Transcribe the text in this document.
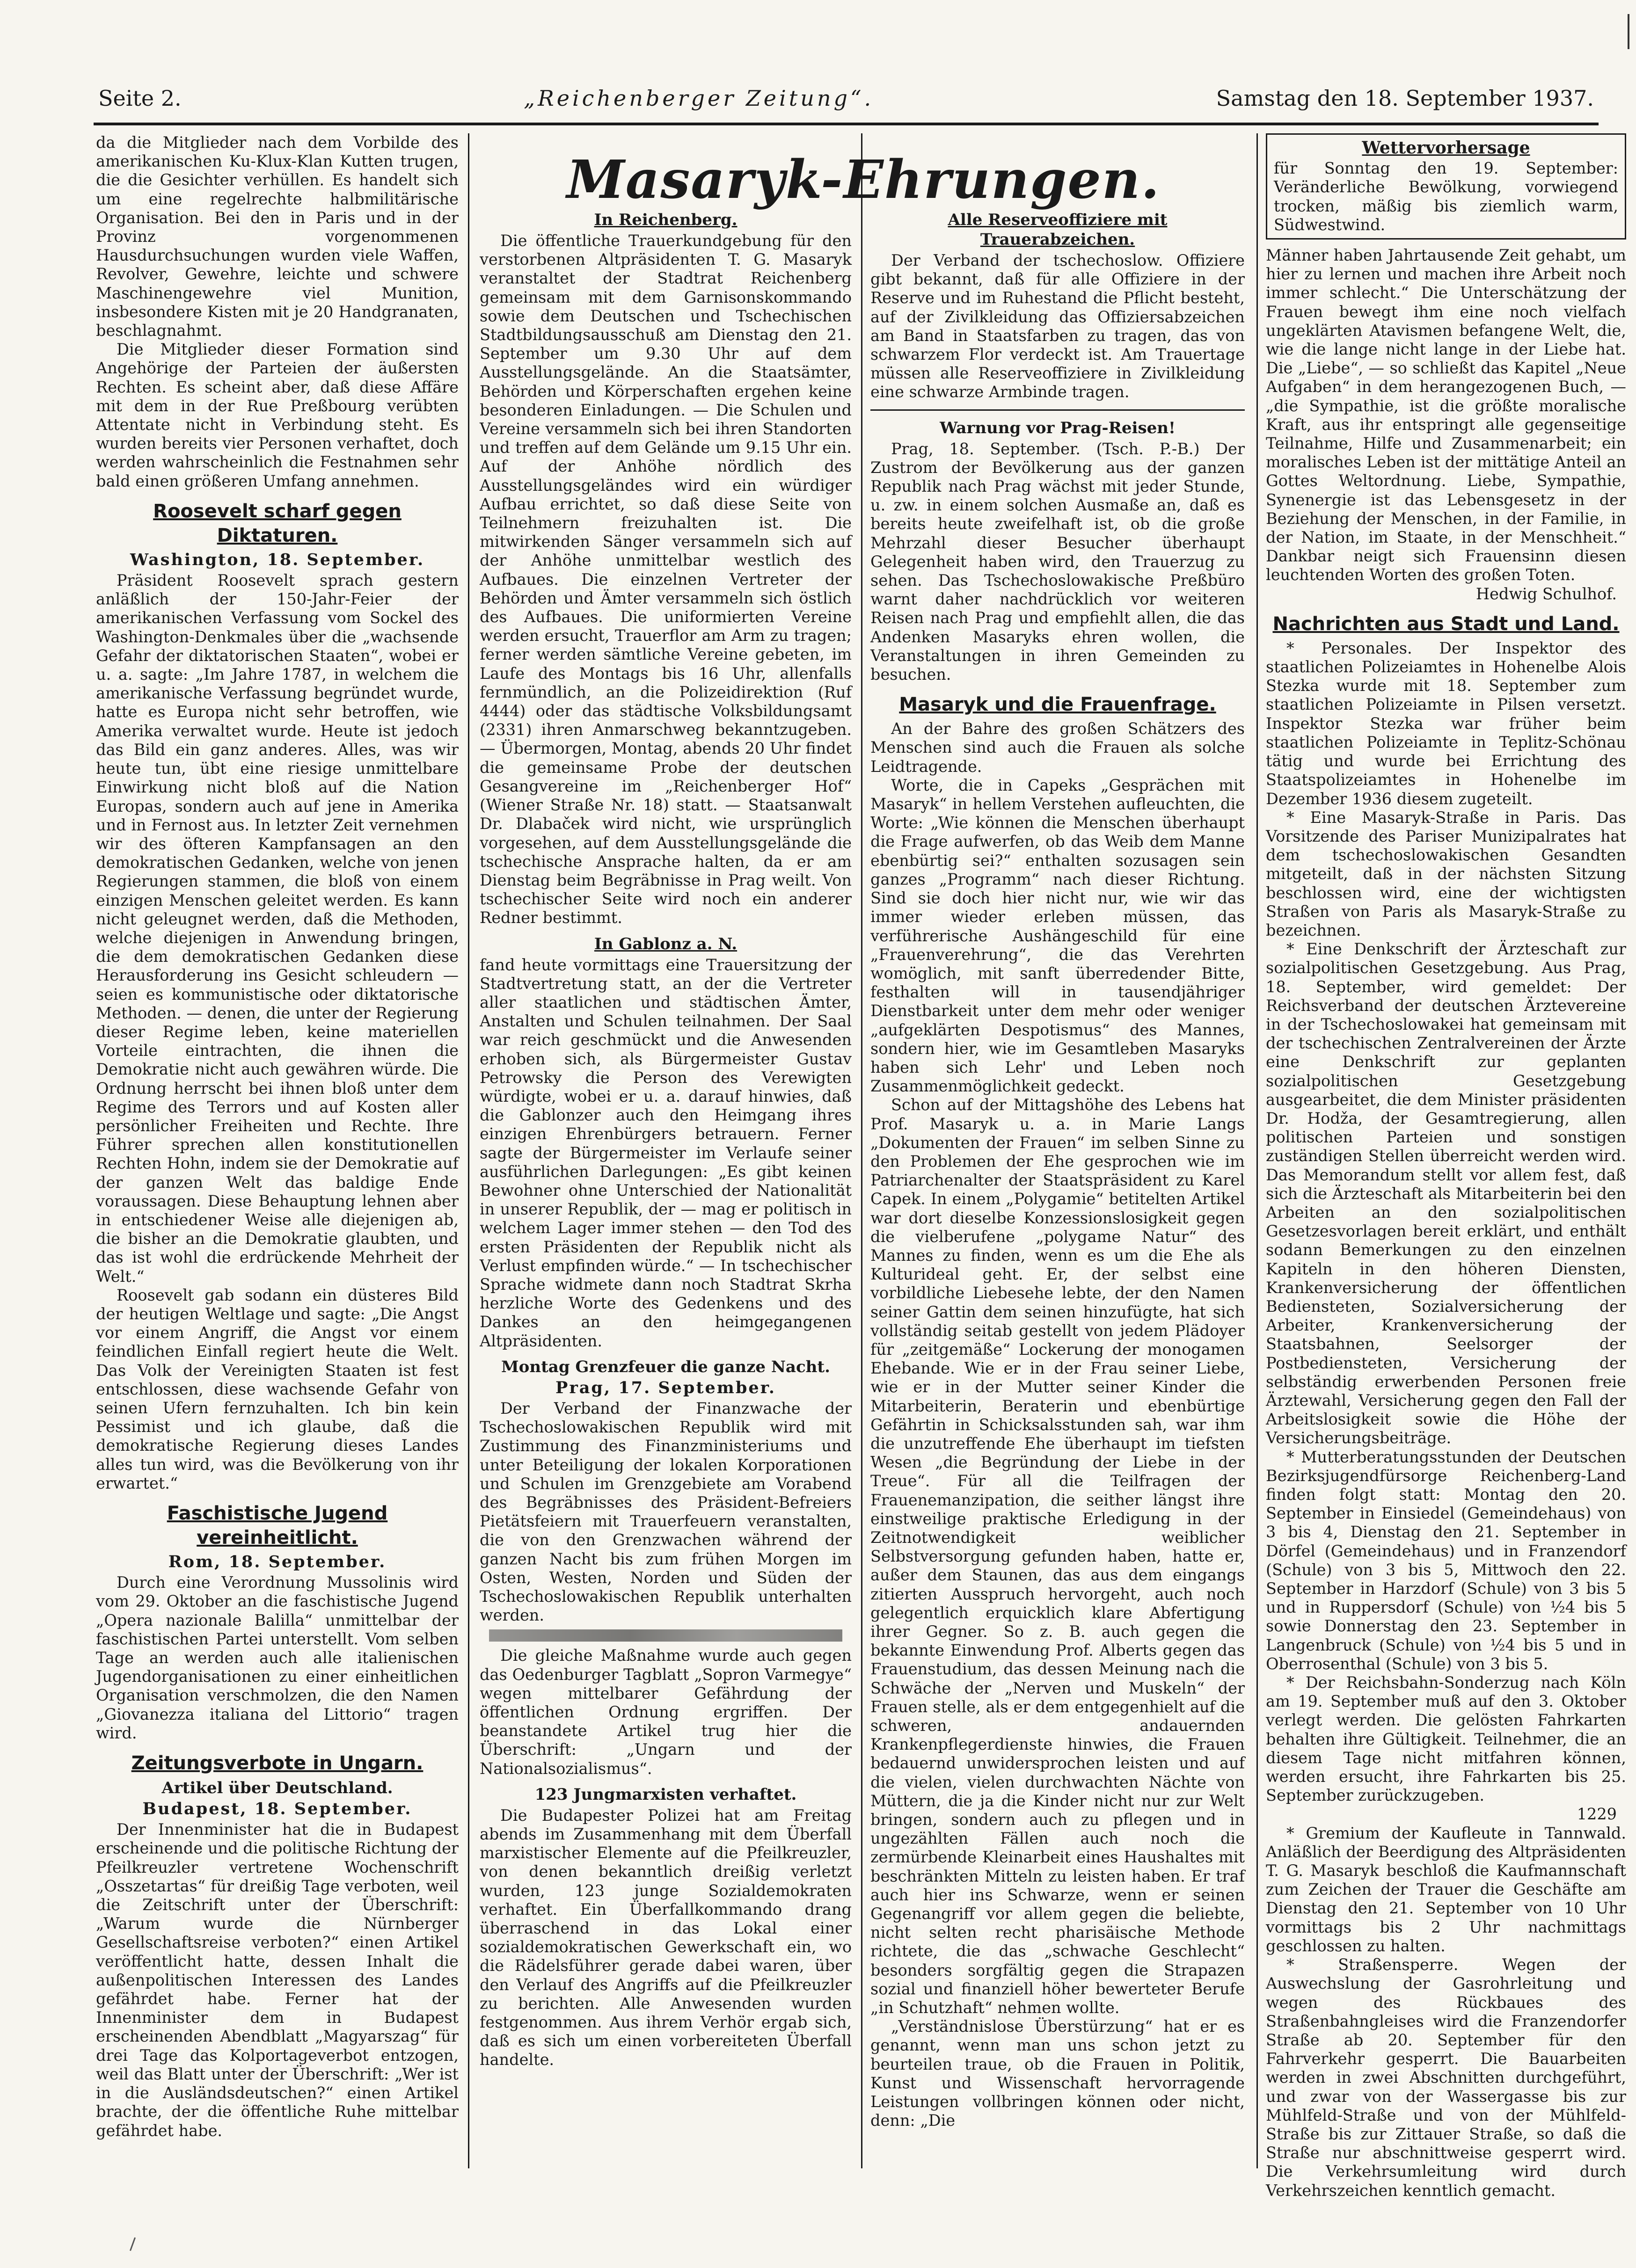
Seite 2.	„Reichenberger Zeitung“.	Samstag den 18. September 1937.

da die Mitglieder nach dem Vorbilde des amerikanischen Ku-Klux-Klan Kutten trugen, die die Gesichter verhüllen. Es handelt sich um eine regelrechte halbmilitärische Organisation. Bei den in Paris und in der Provinz vorgenommenen Hausdurchsuchungen wurden viele Waffen, Revolver, Gewehre, leichte und schwere Maschinengewehre viel Munition, insbesondere Kisten mit je 20 Handgranaten, beschlagnahmt.

Die Mitglieder dieser Formation sind Angehörige der Parteien der äußersten Rechten. Es scheint aber, daß diese Affäre mit dem in der Rue Preßbourg verübten Attentate nicht in Verbindung steht. Es wurden bereits vier Personen verhaftet, doch werden wahrscheinlich die Festnahmen sehr bald einen größeren Umfang annehmen.

Roosevelt scharf gegen Diktaturen.
Washington, 18. September.

Präsident Roosevelt sprach gestern anläßlich der 150-Jahr-Feier der amerikanischen Verfassung vom Sockel des Washington-Denkmales über die „wachsende Gefahr der diktatorischen Staaten“, wobei er u. a. sagte: „Im Jahre 1787, in welchem die amerikanische Verfassung begründet wurde, hatte es Europa nicht sehr betroffen, wie Amerika verwaltet wurde. Heute ist jedoch das Bild ein ganz anderes. Alles, was wir heute tun, übt eine riesige unmittelbare Einwirkung nicht bloß auf die Nation Europas, sondern auch auf jene in Amerika und in Fernost aus. In letzter Zeit vernehmen wir des öfteren Kampfansagen an den demokratischen Gedanken, welche von jenen Regierungen stammen, die bloß von einem einzigen Menschen geleitet werden. Es kann nicht geleugnet werden, daß die Methoden, welche diejenigen in Anwendung bringen, die dem demokratischen Gedanken diese Herausforderung ins Gesicht schleudern — seien es kommunistische oder diktatorische Methoden. — denen, die unter der Regierung dieser Regime leben, keine materiellen Vorteile eintrachten, die ihnen die Demokratie nicht auch gewähren würde. Die Ordnung herrscht bei ihnen bloß unter dem Regime des Terrors und auf Kosten aller persönlicher Freiheiten und Rechte. Ihre Führer sprechen allen konstitutionellen Rechten Hohn, indem sie der Demokratie auf der ganzen Welt das baldige Ende voraussagen. Diese Behauptung lehnen aber in entschiedener Weise alle diejenigen ab, die bisher an die Demokratie glaubten, und das ist wohl die erdrückende Mehrheit der Welt.“

Roosevelt gab sodann ein düsteres Bild der heutigen Weltlage und sagte: „Die Angst vor einem Angriff, die Angst vor einem feindlichen Einfall regiert heute die Welt. Das Volk der Vereinigten Staaten ist fest entschlossen, diese wachsende Gefahr von seinen Ufern fernzuhalten. Ich bin kein Pessimist und ich glaube, daß die demokratische Regierung dieses Landes alles tun wird, was die Bevölkerung von ihr erwartet.“

Faschistische Jugend vereinheitlicht.
Rom, 18. September.

Durch eine Verordnung Mussolinis wird vom 29. Oktober an die faschistische Jugend „Opera nazionale Balilla“ unmittelbar der faschistischen Partei unterstellt. Vom selben Tage an werden auch alle italienischen Jugendorganisationen zu einer einheitlichen Organisation verschmolzen, die den Namen „Giovanezza italiana del Littorio“ tragen wird.

Zeitungsverbote in Ungarn.
Artikel über Deutschland.
Budapest, 18. September.

Der Innenminister hat die in Budapest erscheinende und die politische Richtung der Pfeilkreuzler vertretene Wochenschrift „Osszetartas“ für dreißig Tage verboten, weil die Zeitschrift unter der Überschrift: „Warum wurde die Nürnberger Gesellschaftsreise verboten?“ einen Artikel veröffentlicht hatte, dessen Inhalt die außenpolitischen Interessen des Landes gefährdet habe. Ferner hat der Innenminister dem in Budapest erscheinenden Abendblatt „Magyarszag“ für drei Tage das Kolportageverbot entzogen, weil das Blatt unter der Überschrift: „Wer ist in die Ausländsdeutschen?“ einen Artikel brachte, der die öffentliche Ruhe mittelbar gefährdet habe.

Masaryk-Ehrungen.
In Reichenberg.

Die öffentliche Trauerkundgebung für den verstorbenen Altpräsidenten T. G. Masaryk veranstaltet der Stadtrat Reichenberg gemeinsam mit dem Garnisonskommando sowie dem Deutschen und Tschechischen Stadtbildungsausschuß am Dienstag den 21. September um 9.30 Uhr auf dem Ausstellungsgelände. An die Staatsämter, Behörden und Körperschaften ergehen keine besonderen Einladungen. — Die Schulen und Vereine versammeln sich bei ihren Standorten und treffen auf dem Gelände um 9.15 Uhr ein. Auf der Anhöhe nördlich des Ausstellungsgeländes wird ein würdiger Aufbau errichtet, so daß diese Seite von Teilnehmern freizuhalten ist. Die mitwirkenden Sänger versammeln sich auf der Anhöhe unmittelbar westlich des Aufbaues. Die einzelnen Vertreter der Behörden und Ämter versammeln sich östlich des Aufbaues. Die uniformierten Vereine werden ersucht, Trauerflor am Arm zu tragen; ferner werden sämtliche Vereine gebeten, im Laufe des Montags bis 16 Uhr, allenfalls fernmündlich, an die Polizeidirektion (Ruf 4444) oder das städtische Volksbildungsamt (2331) ihren Anmarschweg bekanntzugeben. — Übermorgen, Montag, abends 20 Uhr findet die gemeinsame Probe der deutschen Gesangvereine im „Reichenberger Hof“ (Wiener Straße Nr. 18) statt. — Staatsanwalt Dr. Dlabaček wird nicht, wie ursprünglich vorgesehen, auf dem Ausstellungsgelände die tschechische Ansprache halten, da er am Dienstag beim Begräbnisse in Prag weilt. Von tschechischer Seite wird noch ein anderer Redner bestimmt.

In Gablonz a. N.

fand heute vormittags eine Trauersitzung der Stadtvertretung statt, an der die Vertreter aller staatlichen und städtischen Ämter, Anstalten und Schulen teilnahmen. Der Saal war reich geschmückt und die Anwesenden erhoben sich, als Bürgermeister Gustav Petrowsky die Person des Verewigten würdigte, wobei er u. a. darauf hinwies, daß die Gablonzer auch den Heimgang ihres einzigen Ehrenbürgers betrauern. Ferner sagte der Bürgermeister im Verlaufe seiner ausführlichen Darlegungen: „Es gibt keinen Bewohner ohne Unterschied der Nationalität in unserer Republik, der — mag er politisch in welchem Lager immer stehen — den Tod des ersten Präsidenten der Republik nicht als Verlust empfinden würde.“ — In tschechischer Sprache widmete dann noch Stadtrat Skrha herzliche Worte des Gedenkens und des Dankes an den heimgegangenen Altpräsidenten.

Montag Grenzfeuer die ganze Nacht.
Prag, 17. September.

Der Verband der Finanzwache der Tschechoslowakischen Republik wird mit Zustimmung des Finanzministeriums und unter Beteiligung der lokalen Korporationen und Schulen im Grenzgebiete am Vorabend des Begräbnisses des Präsident-Befreiers Pietätsfeiern mit Trauerfeuern veranstalten, die von den Grenzwachen während der ganzen Nacht bis zum frühen Morgen im Osten, Westen, Norden und Süden der Tschechoslowakischen Republik unterhalten werden.

Die gleiche Maßnahme wurde auch gegen das Oedenburger Tagblatt „Sopron Varmegye“ wegen mittelbarer Gefährdung der öffentlichen Ordnung ergriffen. Der beanstandete Artikel trug hier die Überschrift: „Ungarn und der Nationalsozialismus“.

123 Jungmarxisten verhaftet.

Die Budapester Polizei hat am Freitag abends im Zusammenhang mit dem Überfall marxistischer Elemente auf die Pfeilkreuzler, von denen bekanntlich dreißig verletzt wurden, 123 junge Sozialdemokraten verhaftet. Ein Überfallkommando drang überraschend in das Lokal einer sozialdemokratischen Gewerkschaft ein, wo die Rädelsführer gerade dabei waren, über den Verlauf des Angriffs auf die Pfeilkreuzler zu berichten. Alle Anwesenden wurden festgenommen. Aus ihrem Verhör ergab sich, daß es sich um einen vorbereiteten Überfall handelte.

Alle Reserveoffiziere mit Trauerabzeichen.

Der Verband der tschechoslow. Offiziere gibt bekannt, daß für alle Offiziere in der Reserve und im Ruhestand die Pflicht besteht, auf der Zivilkleidung das Offiziersabzeichen am Band in Staatsfarben zu tragen, das von schwarzem Flor verdeckt ist. Am Trauertage müssen alle Reserveoffiziere in Zivilkleidung eine schwarze Armbinde tragen.

Warnung vor Prag-Reisen!

Prag, 18. September. (Tsch. P.-B.) Der Zustrom der Bevölkerung aus der ganzen Republik nach Prag wächst mit jeder Stunde, u. zw. in einem solchen Ausmaße an, daß es bereits heute zweifelhaft ist, ob die große Mehrzahl dieser Besucher überhaupt Gelegenheit haben wird, den Trauerzug zu sehen. Das Tschechoslowakische Preßbüro warnt daher nachdrücklich vor weiteren Reisen nach Prag und empfiehlt allen, die das Andenken Masaryks ehren wollen, die Veranstaltungen in ihren Gemeinden zu besuchen.

Masaryk und die Frauenfrage.

An der Bahre des großen Schätzers des Menschen sind auch die Frauen als solche Leidtragende.

Worte, die in Capeks „Gesprächen mit Masaryk“ in hellem Verstehen aufleuchten, die Worte: „Wie können die Menschen überhaupt die Frage aufwerfen, ob das Weib dem Manne ebenbürtig sei?“ enthalten sozusagen sein ganzes „Programm“ nach dieser Richtung. Sind sie doch hier nicht nur, wie wir das immer wieder erleben müssen, das verführerische Aushängeschild für eine „Frauenverehrung“, die das Verehrten womöglich, mit sanft überredender Bitte, festhalten will in tausendjähriger Dienstbarkeit unter dem mehr oder weniger „aufgeklärten Despotismus“ des Mannes, sondern hier, wie im Gesamtleben Masaryks haben sich Lehr' und Leben noch Zusammenmöglichkeit gedeckt.

Schon auf der Mittagshöhe des Lebens hat Prof. Masaryk u. a. in Marie Langs „Dokumenten der Frauen“ im selben Sinne zu den Problemen der Ehe gesprochen wie im Patriarchenalter der Staatspräsident zu Karel Capek. In einem „Polygamie“ betitelten Artikel war dort dieselbe Konzessionslosigkeit gegen die vielberufene „polygame Natur“ des Mannes zu finden, wenn es um die Ehe als Kulturideal geht. Er, der selbst eine vorbildliche Liebesehe lebte, der den Namen seiner Gattin dem seinen hinzufügte, hat sich vollständig seitab gestellt von jedem Plädoyer für „zeitgemäße“ Lockerung der monogamen Ehebande. Wie er in der Frau seiner Liebe, wie er in der Mutter seiner Kinder die Mitarbeiterin, Beraterin und ebenbürtige Gefährtin in Schicksalsstunden sah, war ihm die unzutreffende Ehe überhaupt im tiefsten Wesen „die Begründung der Liebe in der Treue“. Für all die Teilfragen der Frauenemanzipation, die seither längst ihre einstweilige praktische Erledigung in der Zeitnotwendigkeit weiblicher Selbstversorgung gefunden haben, hatte er, außer dem Staunen, das aus dem eingangs zitierten Ausspruch hervorgeht, auch noch gelegentlich erquicklich klare Abfertigung ihrer Gegner. So z. B. auch gegen die bekannte Einwendung Prof. Alberts gegen das Frauenstudium, das dessen Meinung nach die Schwäche der „Nerven und Muskeln“ der Frauen stelle, als er dem entgegenhielt auf die schweren, andauernden Krankenpflegerdienste hinwies, die Frauen bedauernd unwidersprochen leisten und auf die vielen, vielen durchwachten Nächte von Müttern, die ja die Kinder nicht nur zur Welt bringen, sondern auch zu pflegen und in ungezählten Fällen auch noch die zermürbende Kleinarbeit eines Haushaltes mit beschränkten Mitteln zu leisten haben. Er traf auch hier ins Schwarze, wenn er seinen Gegenangriff vor allem gegen die beliebte, nicht selten recht pharisäische Methode richtete, die das „schwache Geschlecht“ besonders sorgfältig gegen die Strapazen sozial und finanziell höher bewerteter Berufe „in Schutzhaft“ nehmen wollte.

„Verständnislose Überstürzung“ hat er es genannt, wenn man uns schon jetzt zu beurteilen traue, ob die Frauen in Politik, Kunst und Wissenschaft hervorragende Leistungen vollbringen können oder nicht, denn: „Die

Wettervorhersage

für Sonntag den 19. September: Veränderliche Bewölkung, vorwiegend trocken, mäßig bis ziemlich warm, Südwestwind.

Männer haben Jahrtausende Zeit gehabt, um hier zu lernen und machen ihre Arbeit noch immer schlecht.“ Die Unterschätzung der Frauen bewegt ihm eine noch vielfach ungeklärten Atavismen befangene Welt, die, wie die lange nicht lange in der Liebe hat. Die „Liebe“, — so schließt das Kapitel „Neue Aufgaben“ in dem herangezogenen Buch, — „die Sympathie, ist die größte moralische Kraft, aus ihr entspringt alle gegenseitige Teilnahme, Hilfe und Zusammenarbeit; ein moralisches Leben ist der mittätige Anteil an Gottes Weltordnung. Liebe, Sympathie, Synenergie ist das Lebensgesetz in der Beziehung der Menschen, in der Familie, in der Nation, im Staate, in der Menschheit.“ Dankbar neigt sich Frauensinn diesen leuchtenden Worten des großen Toten.

Hedwig Schulhof.
Nachrichten aus Stadt und Land.

* Personales. Der Inspektor des staatlichen Polizeiamtes in Hohenelbe Alois Stezka wurde mit 18. September zum staatlichen Polizeiamte in Pilsen versetzt. Inspektor Stezka war früher beim staatlichen Polizeiamte in Teplitz-Schönau tätig und wurde bei Errichtung des Staatspolizeiamtes in Hohenelbe im Dezember 1936 diesem zugeteilt.

* Eine Masaryk-Straße in Paris. Das Vorsitzende des Pariser Munizipalrates hat dem tschechoslowakischen Gesandten mitgeteilt, daß in der nächsten Sitzung beschlossen wird, eine der wichtigsten Straßen von Paris als Masaryk-Straße zu bezeichnen.

* Eine Denkschrift der Ärzteschaft zur sozialpolitischen Gesetzgebung. Aus Prag, 18. September, wird gemeldet: Der Reichsverband der deutschen Ärztevereine in der Tschechoslowakei hat gemeinsam mit der tschechischen Zentralvereinen der Ärzte eine Denkschrift zur geplanten sozialpolitischen Gesetzgebung ausgearbeitet, die dem Minister präsidenten Dr. Hodža, der Gesamtregierung, allen politischen Parteien und sonstigen zuständigen Stellen überreicht werden wird. Das Memorandum stellt vor allem fest, daß sich die Ärzteschaft als Mitarbeiterin bei den Arbeiten an den sozialpolitischen Gesetzesvorlagen bereit erklärt, und enthält sodann Bemerkungen zu den einzelnen Kapiteln in den höheren Diensten, Krankenversicherung der öffentlichen Bediensteten, Sozialversicherung der Arbeiter, Krankenversicherung der Staatsbahnen, Seelsorger der Postbediensteten, Versicherung der selbständig erwerbenden Personen freie Ärztewahl, Versicherung gegen den Fall der Arbeitslosigkeit sowie die Höhe der Versicherungsbeiträge.

* Mutterberatungsstunden der Deutschen Bezirksjugendfürsorge Reichenberg-Land finden folgt statt: Montag den 20. September in Einsiedel (Gemeindehaus) von 3 bis 4, Dienstag den 21. September in Dörfel (Gemeindehaus) und in Franzendorf (Schule) von 3 bis 5, Mittwoch den 22. September in Harzdorf (Schule) von 3 bis 5 und in Ruppersdorf (Schule) von ½4 bis 5 sowie Donnerstag den 23. September in Langenbruck (Schule) von ½4 bis 5 und in Oberrosenthal (Schule) von 3 bis 5.

* Der Reichsbahn-Sonderzug nach Köln am 19. September muß auf den 3. Oktober verlegt werden. Die gelösten Fahrkarten behalten ihre Gültigkeit. Teilnehmer, die an diesem Tage nicht mitfahren können, werden ersucht, ihre Fahrkarten bis 25. September zurückzugeben.

1229

* Gremium der Kaufleute in Tannwald. Anläßlich der Beerdigung des Altpräsidenten T. G. Masaryk beschloß die Kaufmannschaft zum Zeichen der Trauer die Geschäfte am Dienstag den 21. September von 10 Uhr vormittags bis 2 Uhr nachmittags geschlossen zu halten.

* Straßensperre. Wegen der Auswechslung der Gasrohrleitung und wegen des Rückbaues des Straßenbahngleises wird die Franzendorfer Straße ab 20. September für den Fahrverkehr gesperrt. Die Bauarbeiten werden in zwei Abschnitten durchgeführt, und zwar von der Wassergasse bis zur Mühlfeld-Straße und von der Mühlfeld-Straße bis zur Zittauer Straße, so daß die Straße nur abschnittweise gesperrt wird. Die Verkehrsumleitung wird durch Verkehrszeichen kenntlich gemacht.
